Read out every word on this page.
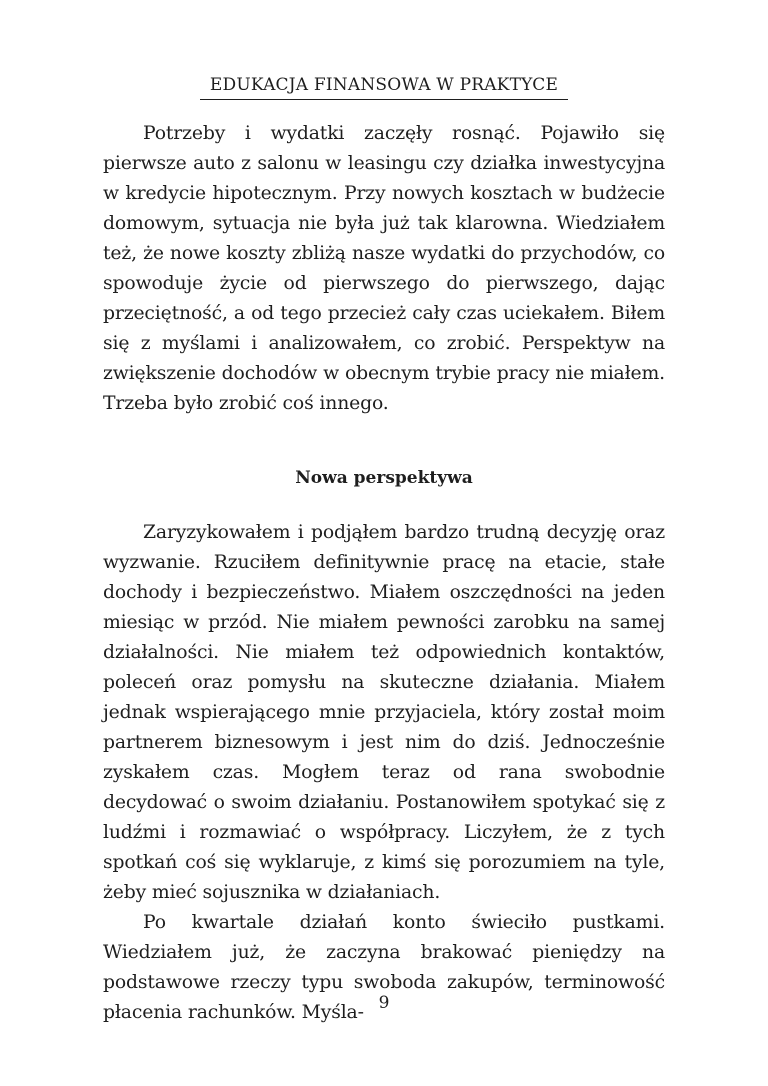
EDUKACJA FINANSOWA W PRAKTYCE

Potrzeby i wydatki zaczęły rosnąć. Pojawiło się pierwsze auto z salonu w leasingu czy działka inwestycyjna w kredycie hipotecznym. Przy nowych kosztach w budżecie domowym, sytuacja nie była już tak klarowna. Wiedziałem też, że nowe koszty zbliżą nasze wydatki do przychodów, co spowoduje życie od pierwszego do pierwszego, dając przeciętność, a od tego przecież cały czas uciekałem. Biłem się z myślami i analizowałem, co zrobić. Perspektyw na zwiększenie dochodów w obecnym trybie pracy nie miałem. Trzeba było zrobić coś innego.

Nowa perspektywa

Zaryzykowałem i podjąłem bardzo trudną decyzję oraz wyzwanie. Rzuciłem definitywnie pracę na etacie, stałe dochody i bezpieczeństwo. Miałem oszczędności na jeden miesiąc w przód. Nie miałem pewności zarobku na samej działalności. Nie miałem też odpowiednich kontaktów, poleceń oraz pomysłu na skuteczne działania. Miałem jednak wspierającego mnie przyjaciela, który został moim partnerem biznesowym i jest nim do dziś. Jednocześnie zyskałem czas. Mogłem teraz od rana swobodnie decydować o swoim działaniu. Postanowiłem spotykać się z ludźmi i rozmawiać o współpracy. Liczyłem, że z tych spotkań coś się wyklaruje, z kimś się porozumiem na tyle, żeby mieć sojusznika w działaniach.

Po kwartale działań konto świeciło pustkami. Wiedziałem już, że zaczyna brakować pieniędzy na podstawowe rzeczy typu swoboda zakupów, terminowość płacenia rachunków. Myśla- 9
